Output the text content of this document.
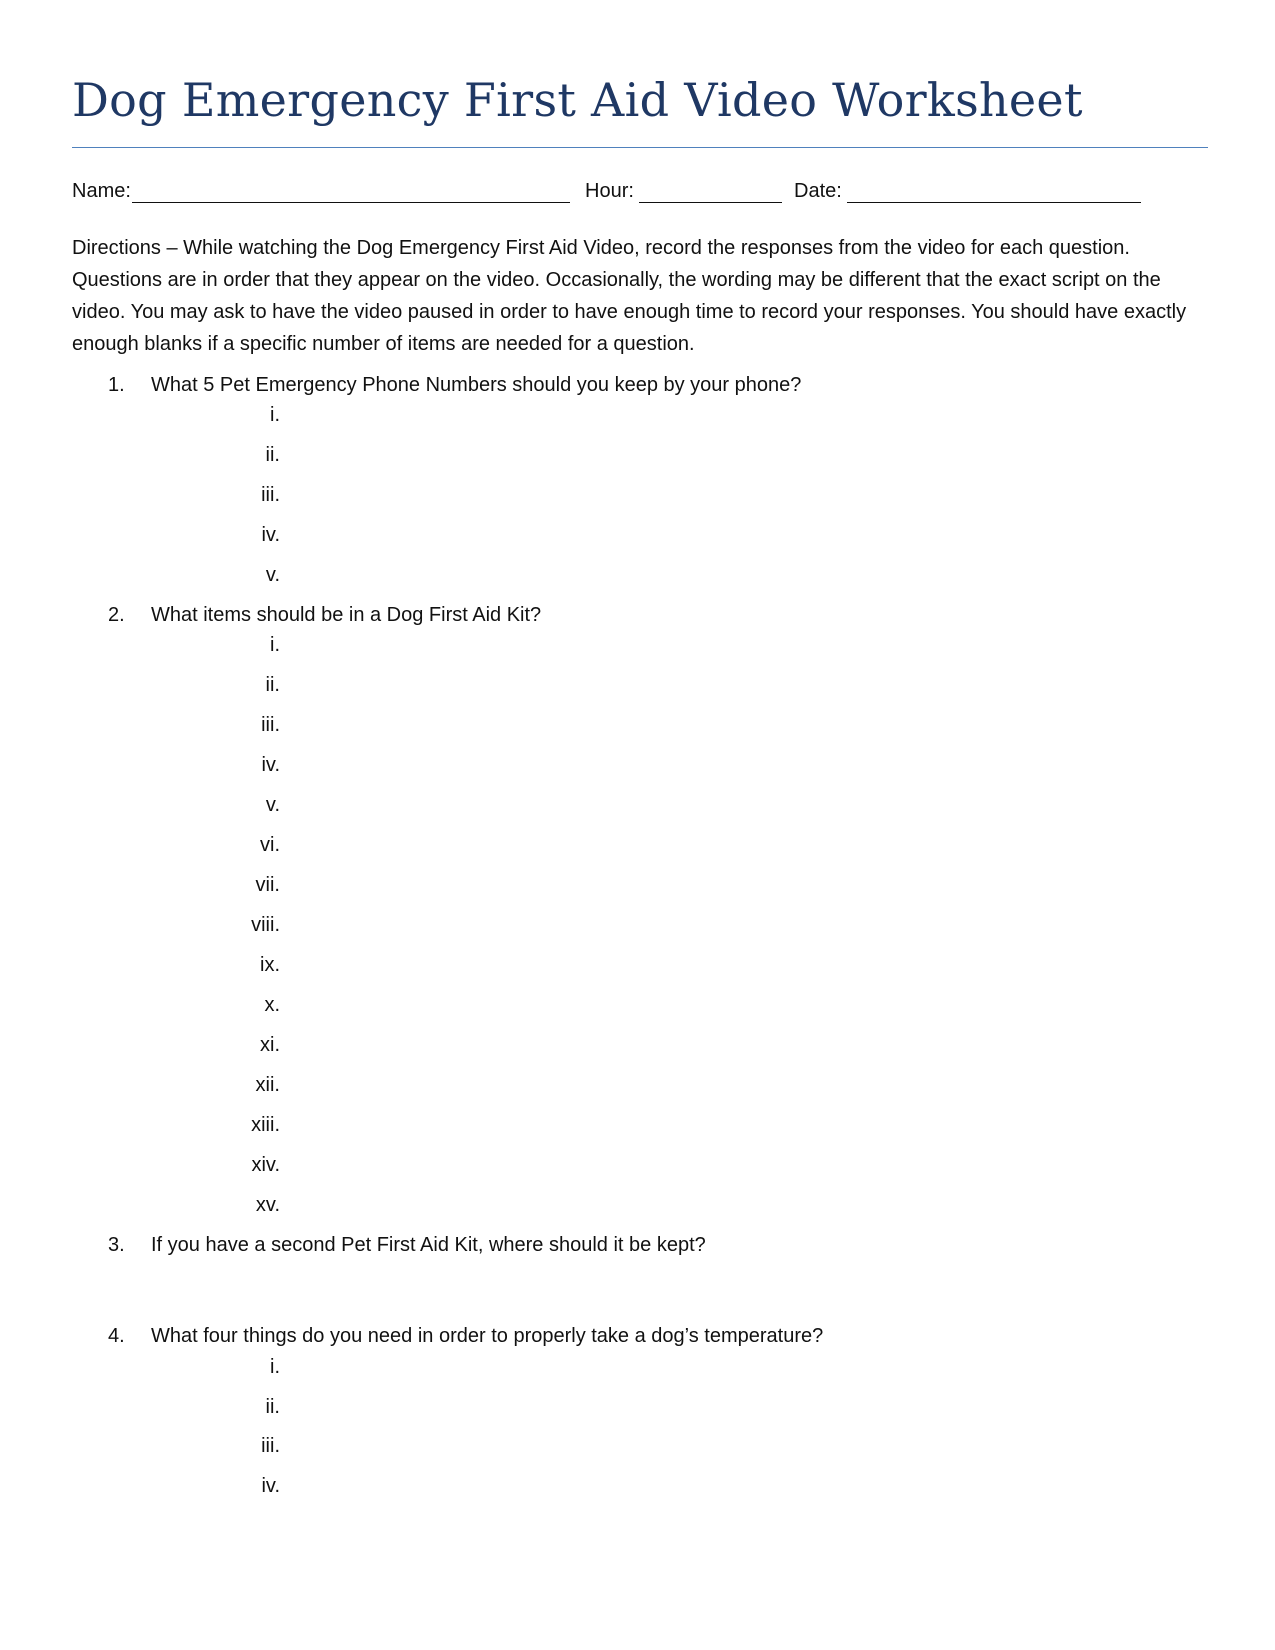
Dog Emergency First Aid Video Worksheet
Name:	Hour:	Date:

Directions – While watching the Dog Emergency First Aid Video, record the responses from the video for each question. Questions are in order that they appear on the video. Occasionally, the wording may be different that the exact script on the video. You may ask to have the video paused in order to have enough time to record your responses. You should have exactly enough blanks if a specific number of items are needed for a question.

1. What 5 Pet Emergency Phone Numbers should you keep by your phone?
i.
ii.
iii.
iv.
v.
2. What items should be in a Dog First Aid Kit?
i.
ii.
iii.
iv.
v.
vi.
vii.
viii.
ix.
x.
xi.
xii.
xiii.
xiv.
xv.
3. If you have a second Pet First Aid Kit, where should it be kept?
4. What four things do you need in order to properly take a dog’s temperature?
i.
ii.
iii.
iv.
